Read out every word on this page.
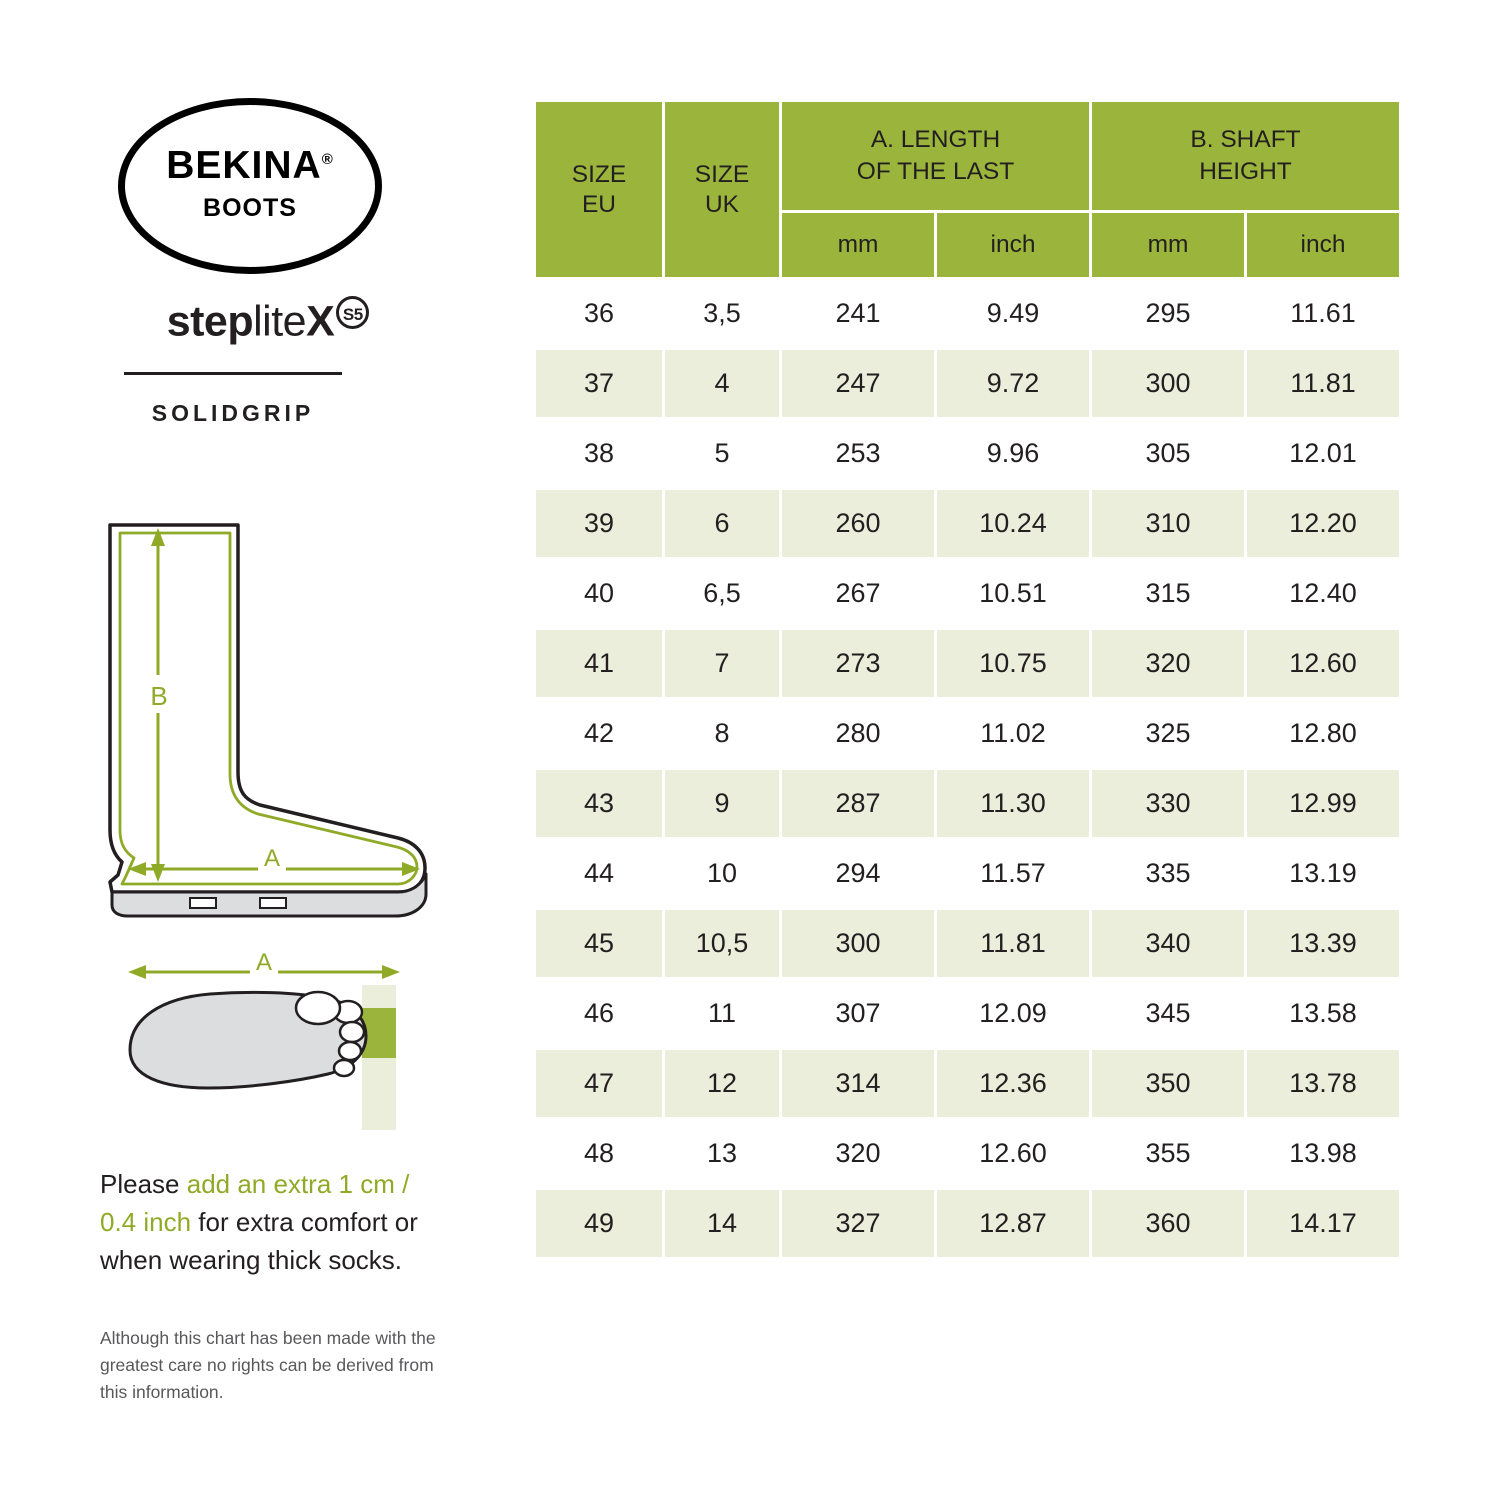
BEKINA®
BOOTS
stepliteX S5
SOLIDGRIP
B
A
A
Please add an extra 1 cm / 0.4 inch for extra comfort or when wearing thick socks.
Although this chart has been made with the greatest care no rights can be derived from this information.
SIZE
EU

SIZE
UK

A. LENGTH
OF THE LAST

B. SHAFT
HEIGHT

		mm	inch	mm	inch
36	3,5	241	9.49	295	11.61
37	4	247	9.72	300	11.81
38	5	253	9.96	305	12.01
39	6	260	10.24	310	12.20
40	6,5	267	10.51	315	12.40
41	7	273	10.75	320	12.60
42	8	280	11.02	325	12.80
43	9	287	11.30	330	12.99
44	10	294	11.57	335	13.19
45	10,5	300	11.81	340	13.39
46	11	307	12.09	345	13.58
47	12	314	12.36	350	13.78
48	13	320	12.60	355	13.98
49	14	327	12.87	360	14.17
